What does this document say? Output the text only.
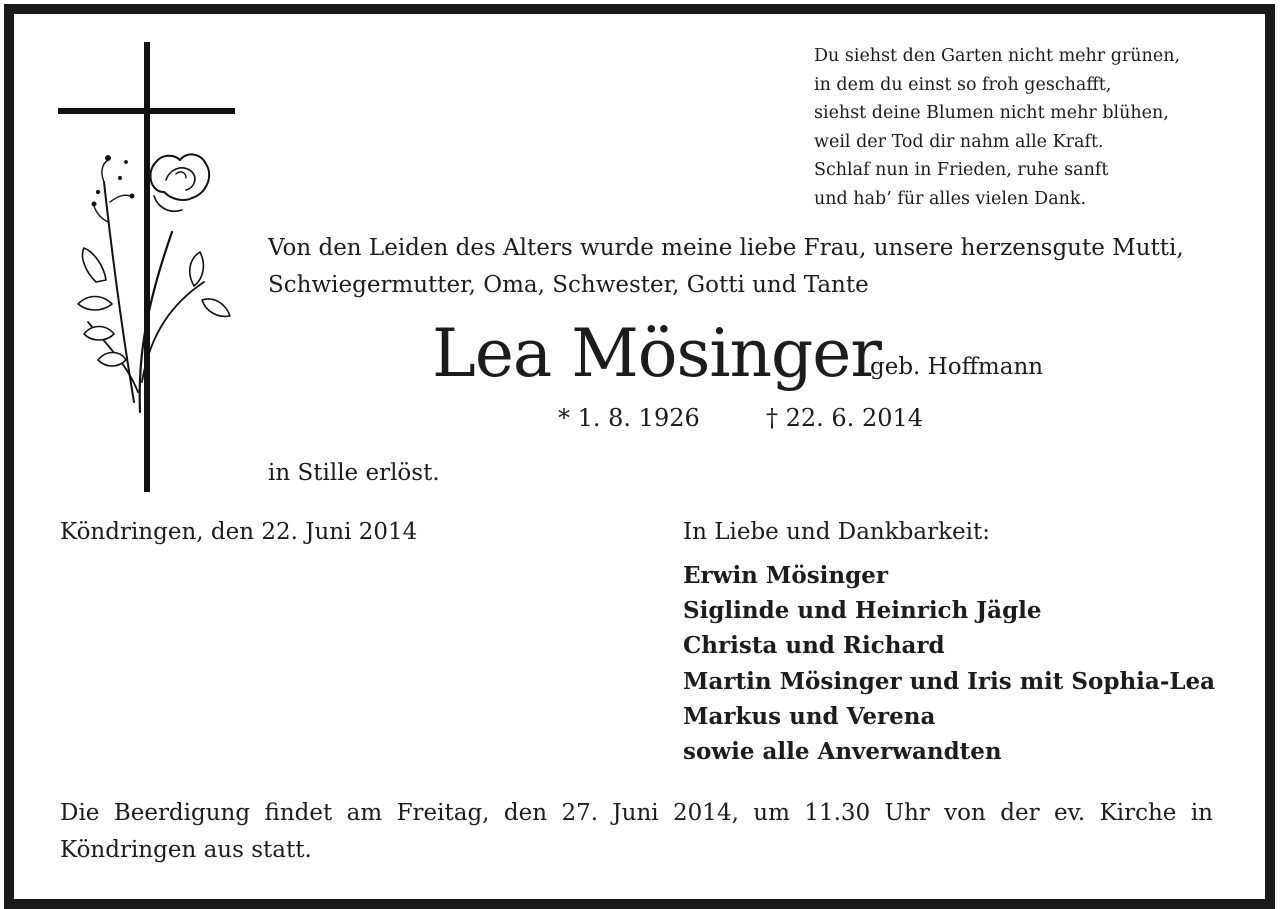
Du siehst den Garten nicht mehr grünen,
in dem du einst so froh geschafft,
siehst deine Blumen nicht mehr blühen,
weil der Tod dir nahm alle Kraft.
Schlaf nun in Frieden, ruhe sanft
und hab’ für alles vielen Dank.
Von den Leiden des Alters wurde meine liebe Frau, unsere herzensgute Mutti,
Schwiegermutter, Oma, Schwester, Gotti und Tante
Lea Mösinger
geb. Hoffmann
* 1. 8. 1926	† 22. 6. 2014
in Stille erlöst.
Köndringen, den 22. Juni 2014	In Liebe und Dankbarkeit:
Erwin Mösinger
Siglinde und Heinrich Jägle
Christa und Richard
Martin Mösinger und Iris mit Sophia-Lea
Markus und Verena
sowie alle Anverwandten
Die Beerdigung findet am Freitag, den 27. Juni 2014, um 11.30 Uhr von der ev. Kirche in Köndringen aus statt.
